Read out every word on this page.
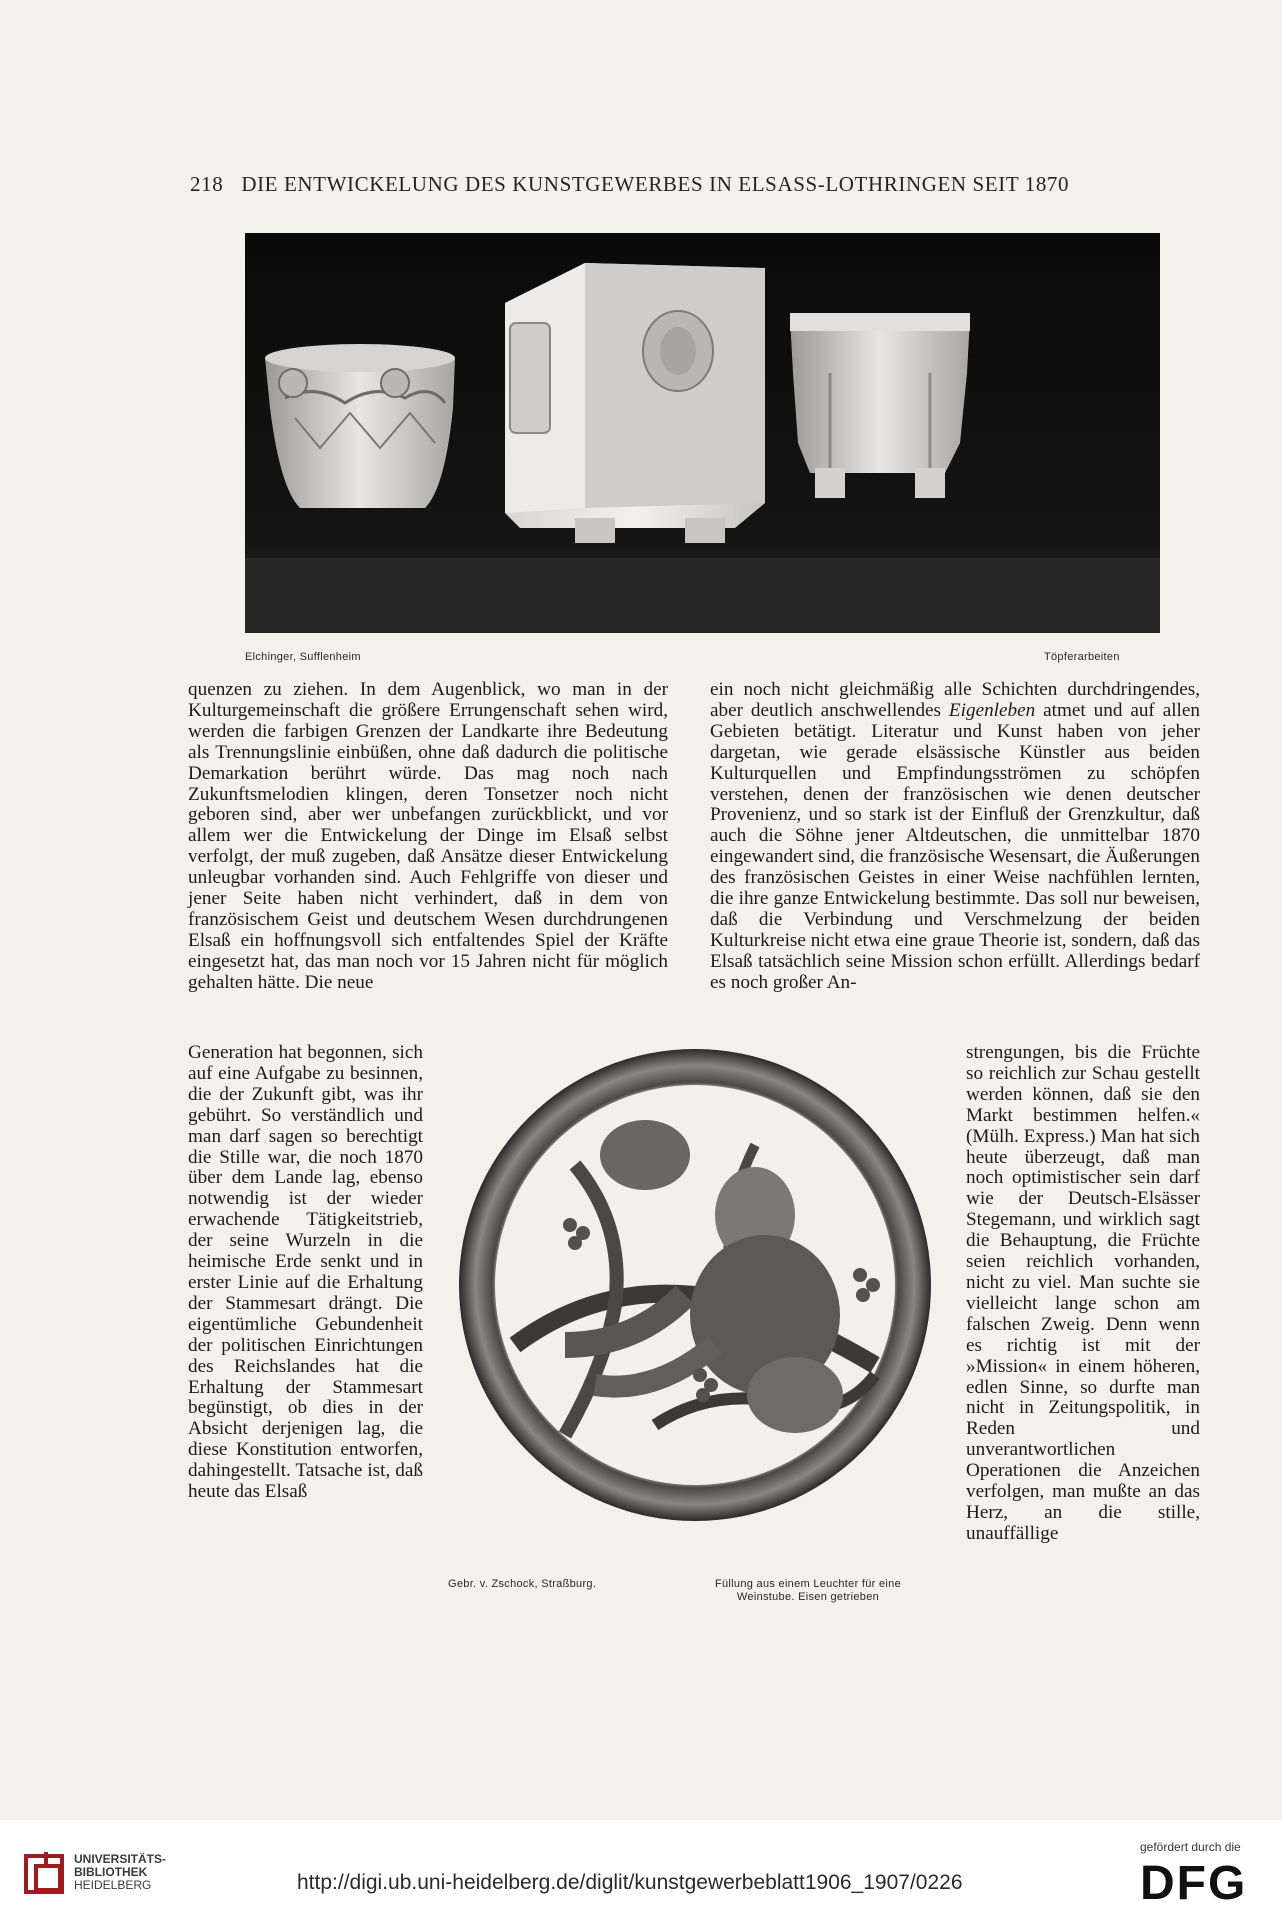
218 DIE ENTWICKELUNG DES KUNSTGEWERBES IN ELSASS-LOTHRINGEN SEIT 1870
Elchinger, Sufflenheim	Töpferarbeiten

quenzen zu ziehen. In dem Augenblick, wo man in der Kulturgemeinschaft die größere Errungenschaft sehen wird, werden die farbigen Grenzen der Landkarte ihre Bedeutung als Trennungslinie einbüßen, ohne daß dadurch die politische Demarkation berührt würde. Das mag noch nach Zukunftsmelodien klingen, deren Tonsetzer noch nicht geboren sind, aber wer unbefangen zurückblickt, und vor allem wer die Entwickelung der Dinge im Elsaß selbst verfolgt, der muß zugeben, daß Ansätze dieser Entwickelung unleugbar vorhanden sind. Auch Fehlgriffe von dieser und jener Seite haben nicht verhindert, daß in dem von französischem Geist und deutschem Wesen durchdrungenen Elsaß ein hoffnungsvoll sich entfaltendes Spiel der Kräfte eingesetzt hat, das man noch vor 15 Jahren nicht für möglich gehalten hätte. Die neue

ein noch nicht gleichmäßig alle Schichten durchdringendes, aber deutlich anschwellendes Eigenleben atmet und auf allen Gebieten betätigt. Literatur und Kunst haben von jeher dargetan, wie gerade elsässische Künstler aus beiden Kulturquellen und Empfindungsströmen zu schöpfen verstehen, denen der französischen wie denen deutscher Provenienz, und so stark ist der Einfluß der Grenzkultur, daß auch die Söhne jener Altdeutschen, die unmittelbar 1870 eingewandert sind, die französische Wesensart, die Äußerungen des französischen Geistes in einer Weise nachfühlen lernten, die ihre ganze Entwickelung bestimmte. Das soll nur beweisen, daß die Verbindung und Verschmelzung der beiden Kulturkreise nicht etwa eine graue Theorie ist, sondern, daß das Elsaß tatsächlich seine Mission schon erfüllt. Allerdings bedarf es noch großer An-

Generation hat begonnen, sich auf eine Aufgabe zu besinnen, die der Zukunft gibt, was ihr gebührt. So verständlich und man darf sagen so berechtigt die Stille war, die noch 1870 über dem Lande lag, ebenso notwendig ist der wieder erwachende Tätigkeitstrieb, der seine Wurzeln in die heimische Erde senkt und in erster Linie auf die Erhaltung der Stammesart drängt. Die eigentümliche Gebundenheit der politischen Einrichtungen des Reichslandes hat die Erhaltung der Stammesart begünstigt, ob dies in der Absicht derjenigen lag, die diese Konstitution entworfen, dahingestellt. Tatsache ist, daß heute das Elsaß

strengungen, bis die Früchte so reichlich zur Schau gestellt werden können, daß sie den Markt bestimmen helfen.« (Mülh. Express.) Man hat sich heute überzeugt, daß man noch optimistischer sein darf wie der Deutsch-Elsässer Stegemann, und wirklich sagt die Behauptung, die Früchte seien reichlich vorhanden, nicht zu viel. Man suchte sie vielleicht lange schon am falschen Zweig. Denn wenn es richtig ist mit der »Mission« in einem höheren, edlen Sinne, so durfte man nicht in Zeitungspolitik, in Reden und unverantwortlichen Operationen die Anzeichen verfolgen, man mußte an das Herz, an die stille, unauffällige

Gebr. v. Zschock, Straßburg.	Füllung aus einem Leuchter für eine
Weinstube. Eisen getrieben
UNIVERSITÄTS-
BIBLIOTHEK
HEIDELBERG	http://digi.ub.uni-heidelberg.de/diglit/kunstgewerbeblatt1906_1907/0226
gefördert durch die
DFG
